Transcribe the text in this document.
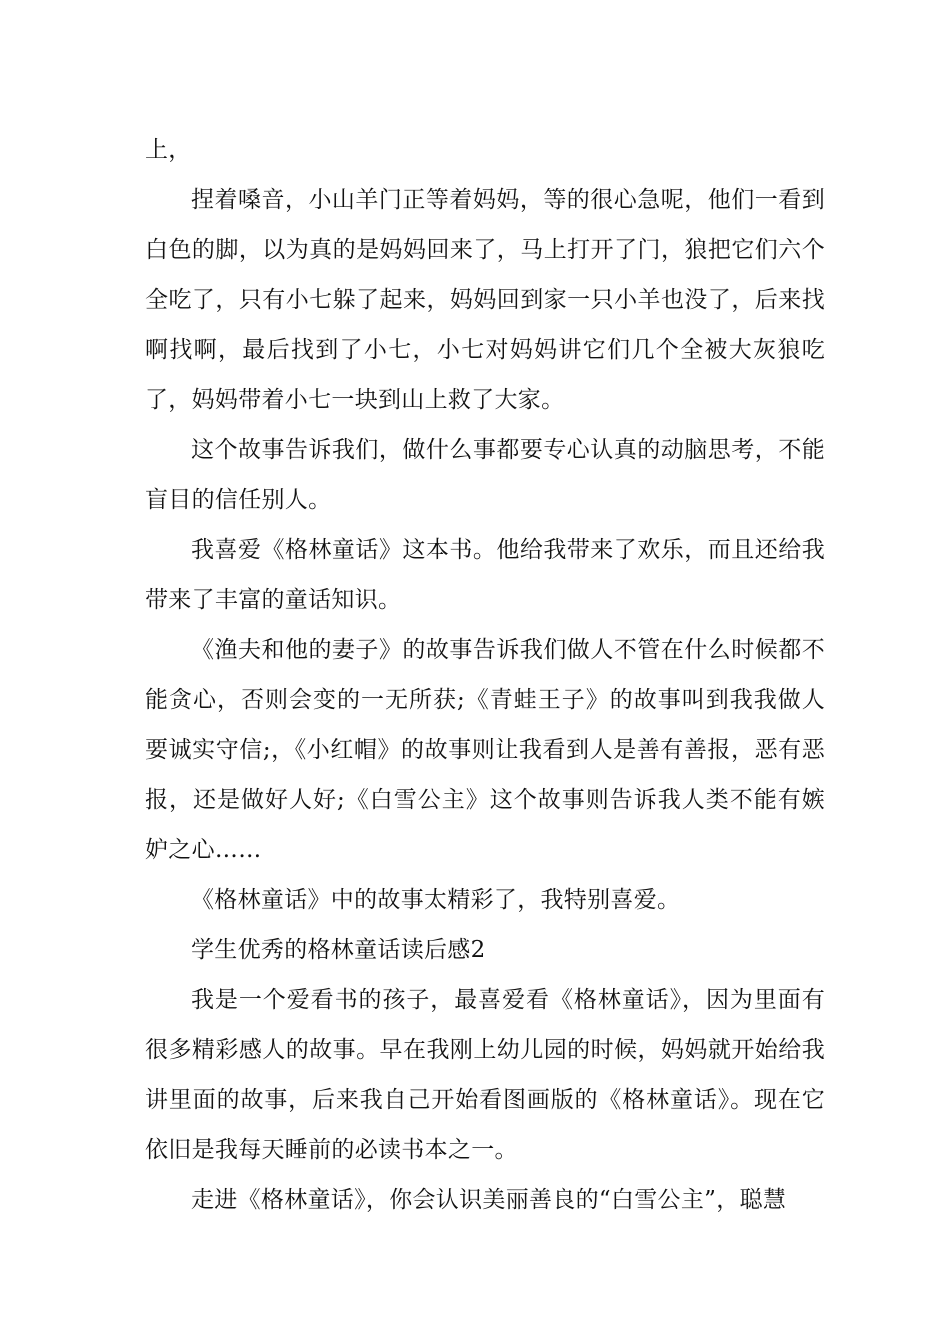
上，

捏着嗓音，小山羊门正等着妈妈，等的很心急呢，他们一看到白色的脚，以为真的是妈妈回来了，马上打开了门，狼把它们六个全吃了，只有小七躲了起来，妈妈回到家一只小羊也没了，后来找啊找啊，最后找到了小七，小七对妈妈讲它们几个全被大灰狼吃了，妈妈带着小七一块到山上救了大家。

这个故事告诉我们，做什么事都要专心认真的动脑思考，不能盲目的信任别人。

我喜爱《格林童话》这本书。他给我带来了欢乐，而且还给我带来了丰富的童话知识。

《渔夫和他的妻子》的故事告诉我们做人不管在什么时候都不能贪心，否则会变的一无所获;《青蛙王子》的故事叫到我我做人要诚实守信;，《小红帽》的故事则让我看到人是善有善报，恶有恶报，还是做好人好;《白雪公主》这个故事则告诉我人类不能有嫉妒之心……

《格林童话》中的故事太精彩了，我特别喜爱。

学生优秀的格林童话读后感2

我是一个爱看书的孩子，最喜爱看《格林童话》，因为里面有很多精彩感人的故事。早在我刚上幼儿园的时候，妈妈就开始给我讲里面的故事，后来我自己开始看图画版的《格林童话》。现在它依旧是我每天睡前的必读书本之一。

走进《格林童话》，你会认识美丽善良的“白雪公主”，聪慧
